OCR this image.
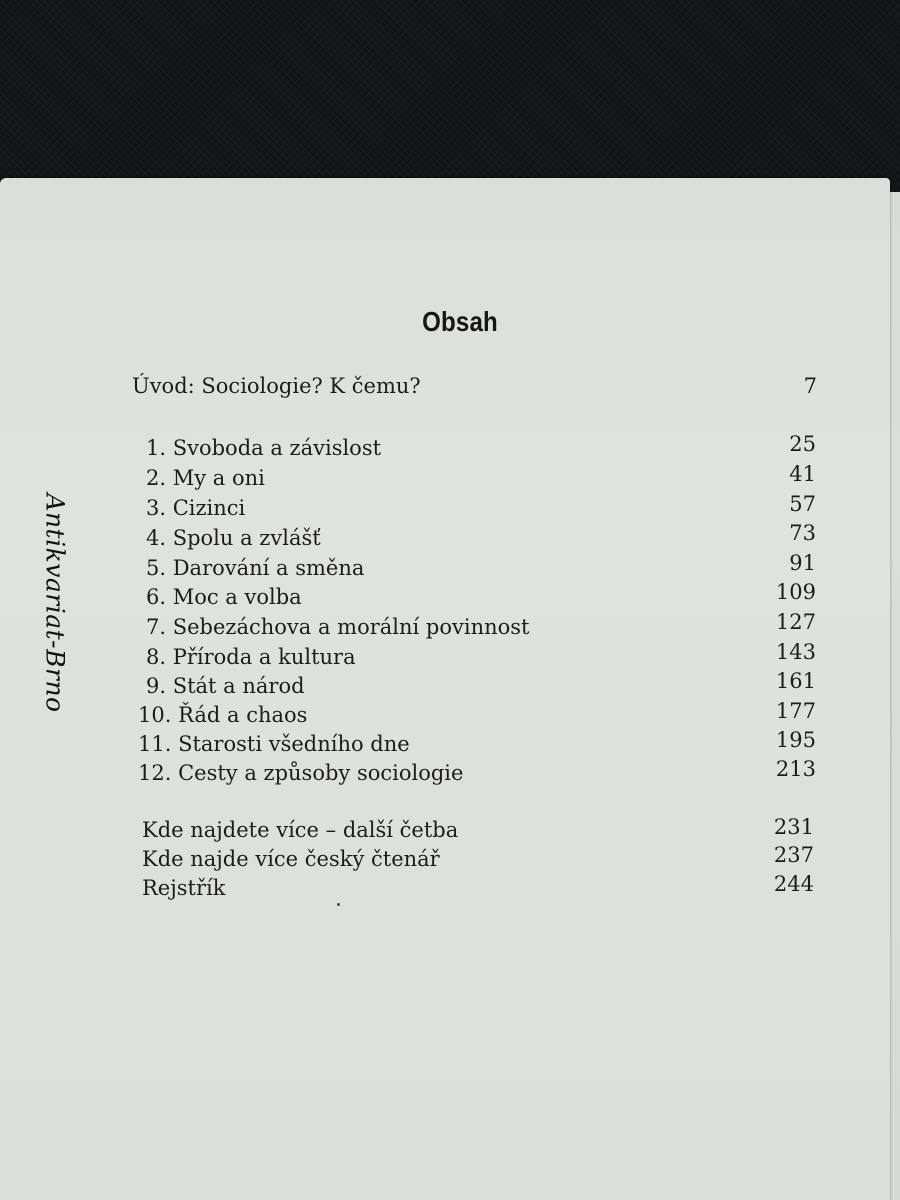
Obsah
Úvod: Sociologie? K čemu?	7
1. Svoboda a závislost	25
2. My a oni	41
3. Cizinci	57
4. Spolu a zvlášť	73
5. Darování a směna	91
6. Moc a volba	109
7. Sebezáchova a morální povinnost	127
8. Příroda a kultura	143
9. Stát a národ	161
10. Řád a chaos	177
11. Starosti všedního dne	195
12. Cesty a způsoby sociologie	213
Kde najdete více – další četba	231
Kde najde více český čtenář	237
Rejstřík	244
Antikvariat-Brno
